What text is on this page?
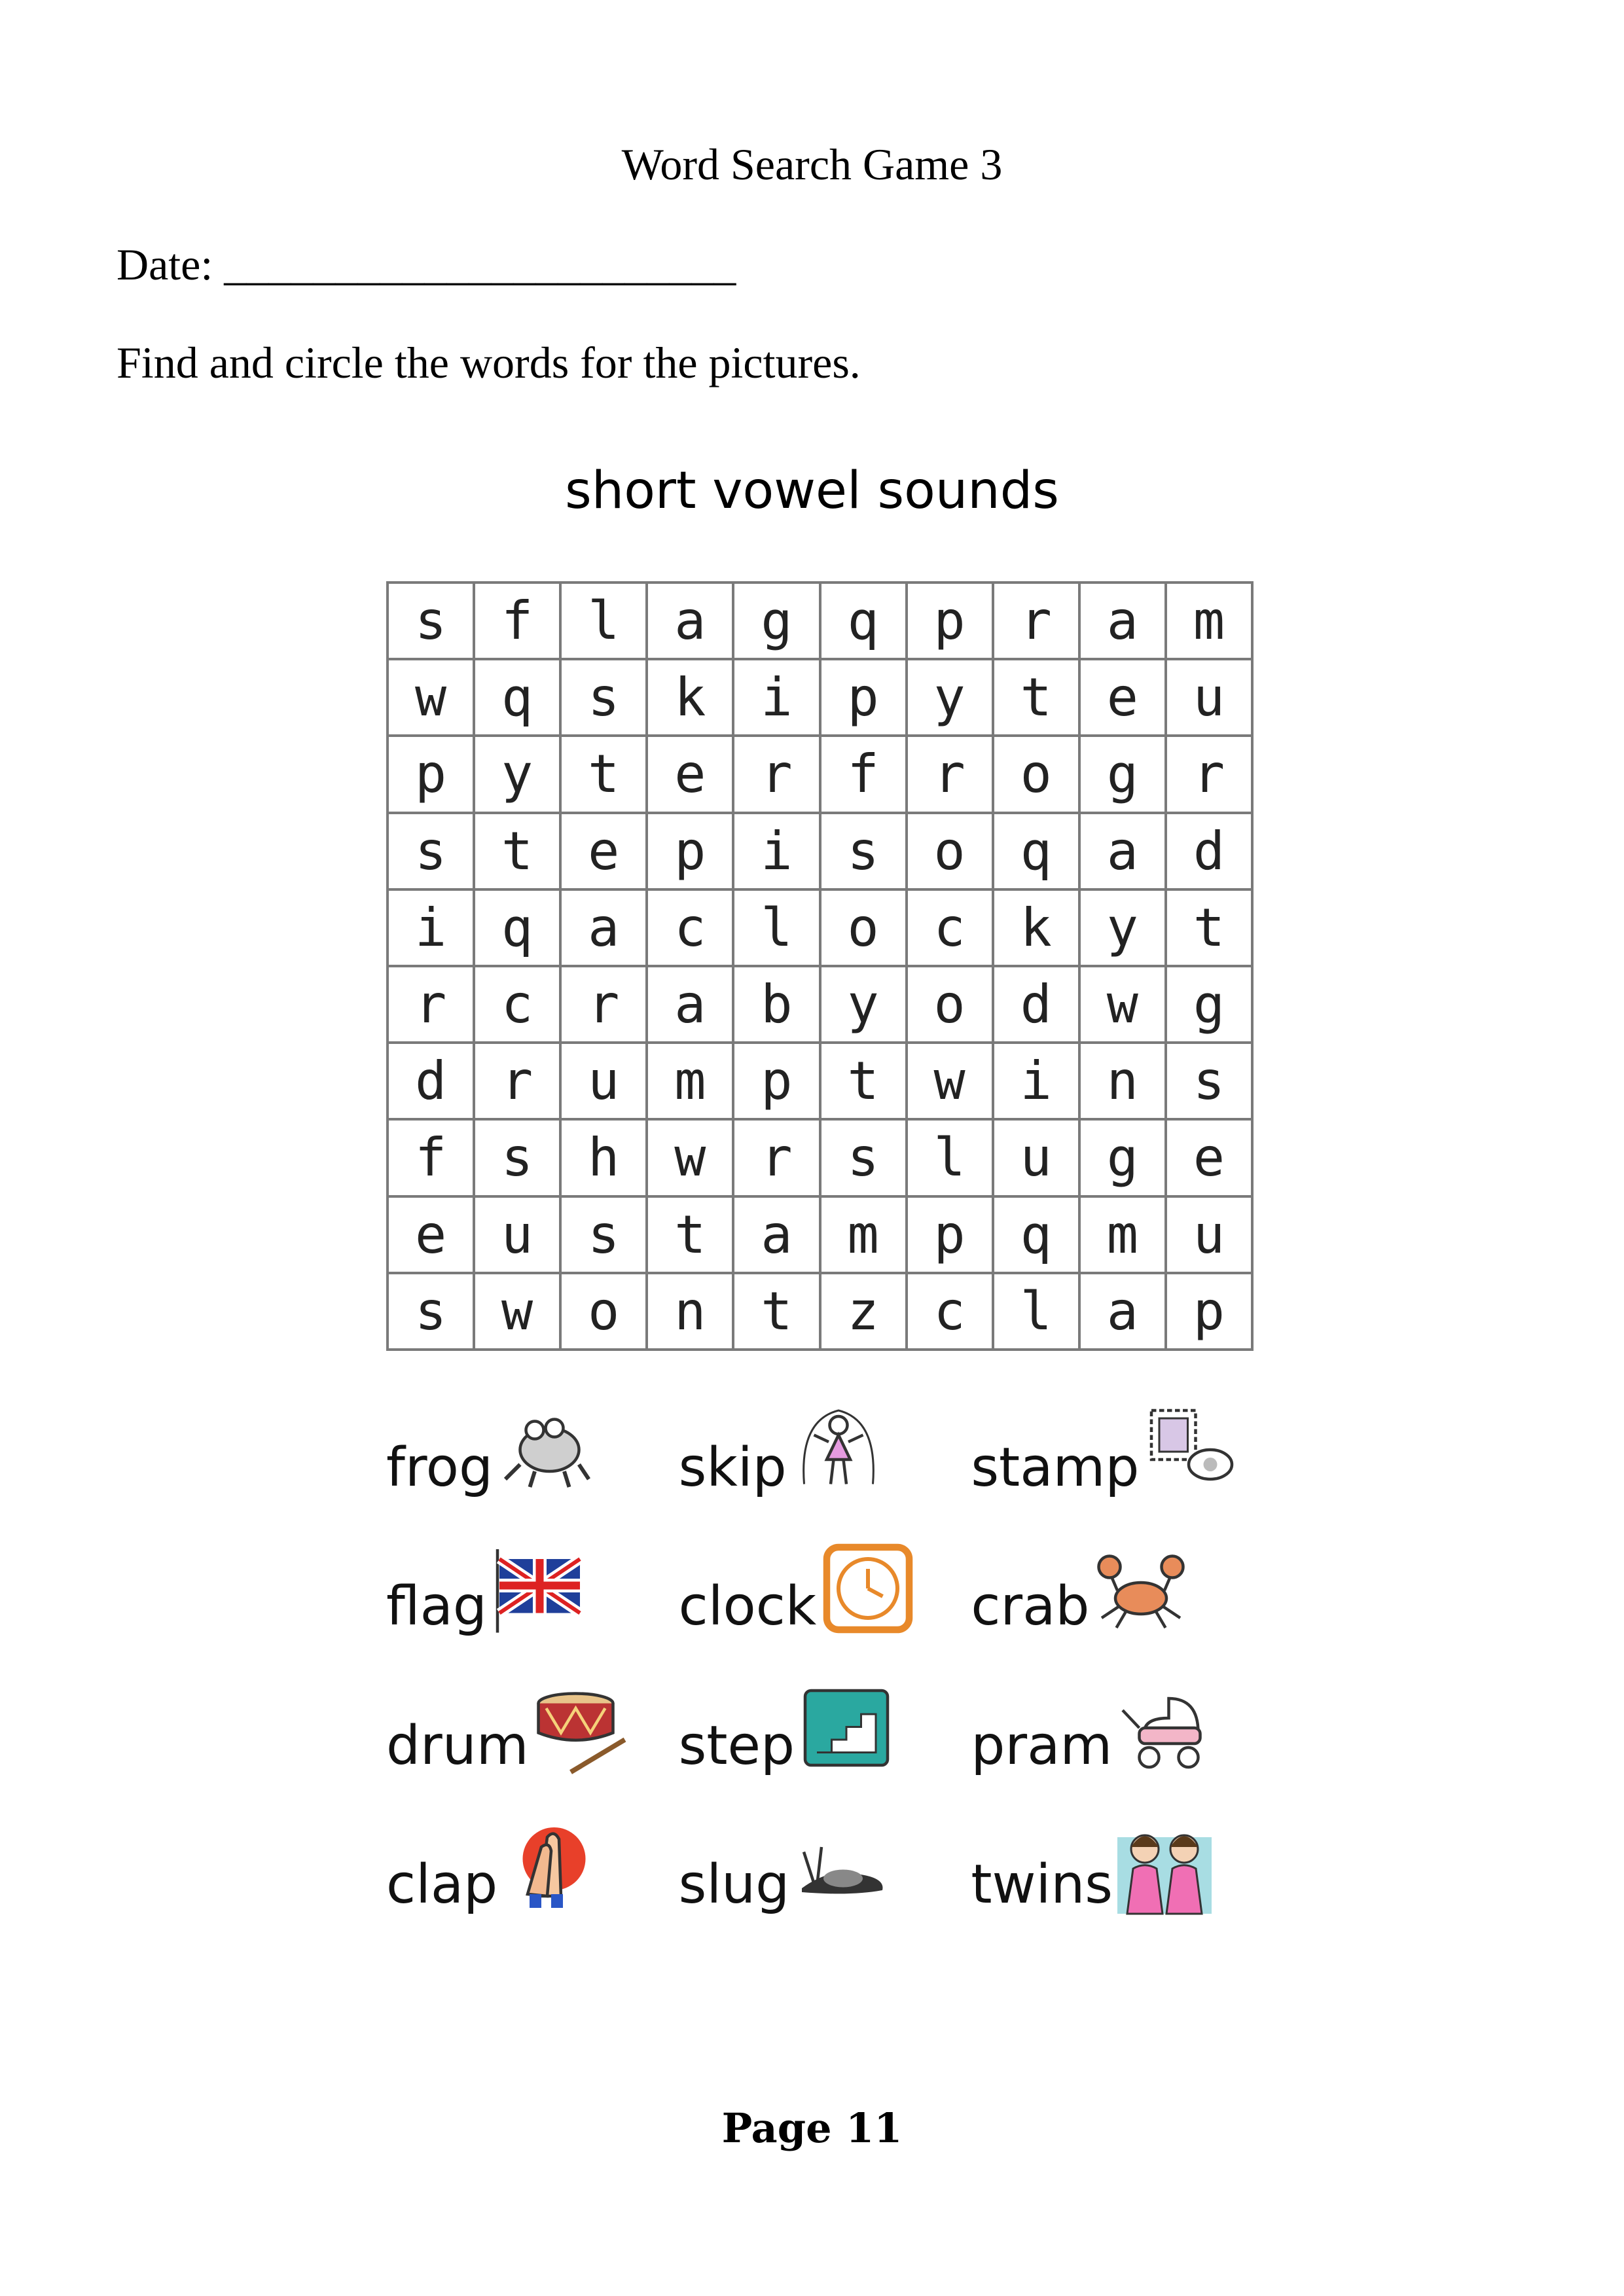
Word Search Game 3
Date: _______________________
Find and circle the words for the pictures.
short vowel sounds
s	f	l	a	g	q	p	r	a	m
w	q	s	k	i	p	y	t	e	u
p	y	t	e	r	f	r	o	g	r
s	t	e	p	i	s	o	q	a	d
i	q	a	c	l	o	c	k	y	t
r	c	r	a	b	y	o	d	w	g
d	r	u	m	p	t	w	i	n	s
f	s	h	w	r	s	l	u	g	e
e	u	s	t	a	m	p	q	m	u
s	w	o	n	t	z	c	l	a	p
frog	skip	stamp
flag	clock	crab
drum	step	pram
clap	slug	twins
Page 11
